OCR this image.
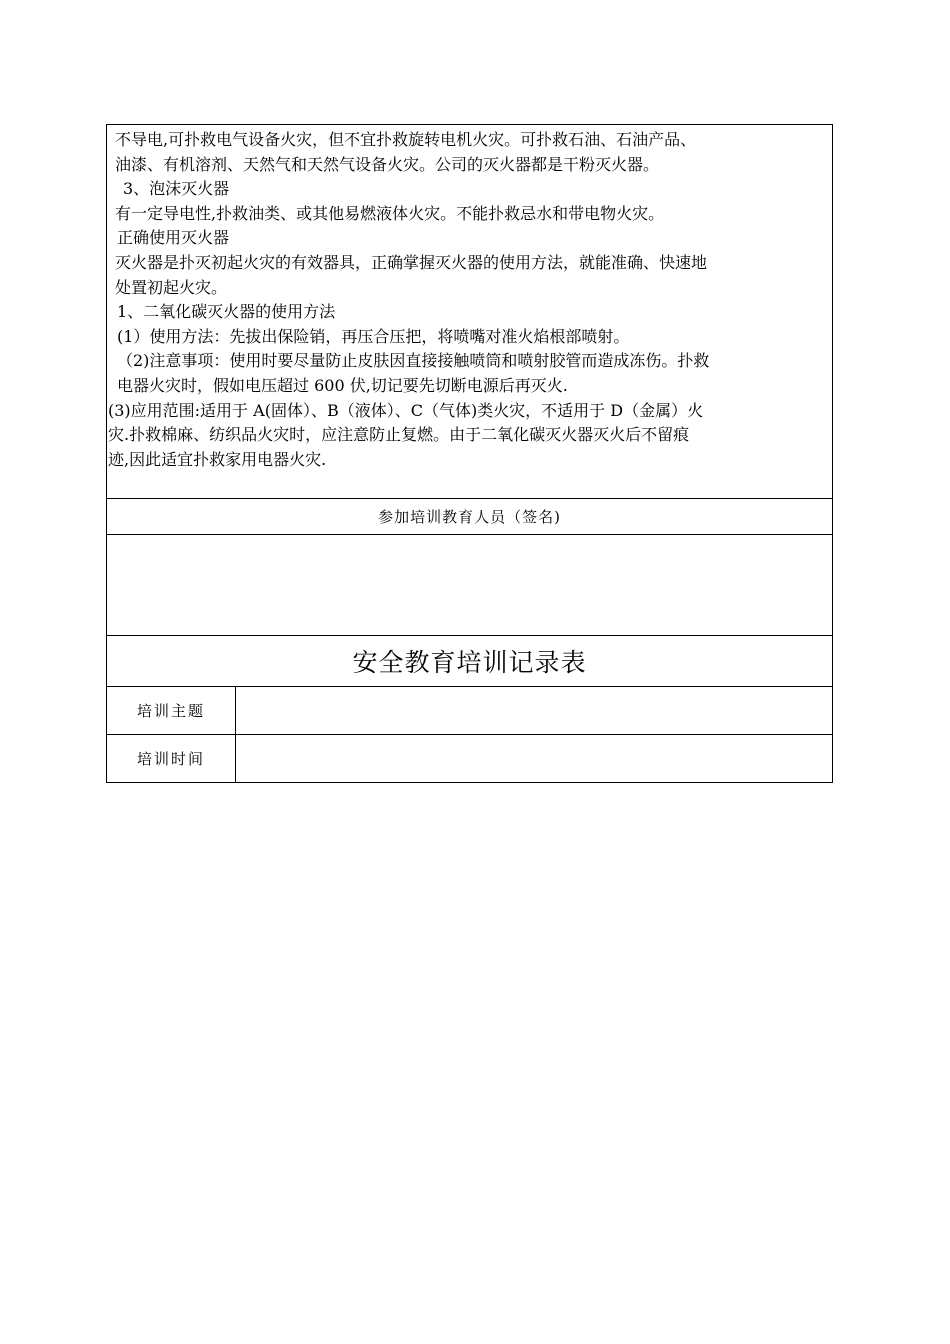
不导电,可扑救电气设备火灾，但不宜扑救旋转电机火灾。可扑救石油、石油产品、

油漆、有机溶剂、天然气和天然气设备火灾。公司的灭火器都是干粉灭火器。

3、泡沫灭火器

有一定导电性,扑救油类、或其他易燃液体火灾。不能扑救忌水和带电物火灾。

正确使用灭火器

灭火器是扑灭初起火灾的有效器具，正确掌握灭火器的使用方法，就能准确、快速地

处置初起火灾。

1、二氧化碳灭火器的使用方法

(1）使用方法：先拔出保险销，再压合压把，将喷嘴对准火焰根部喷射。

（2)注意事项：使用时要尽量防止皮肤因直接接触喷筒和喷射胶管而造成冻伤。扑救

电器火灾时，假如电压超过 600 伏,切记要先切断电源后再灭火.

(3)应用范围:适用于 A(固体）、B（液体）、C（气体)类火灾，不适用于 D（金属）火

灾.扑救棉麻、纺织品火灾时，应注意防止复燃。由于二氧化碳灭火器灭火后不留痕

迹,因此适宜扑救家用电器火灾.

参加培训教育人员（签名)
安全教育培训记录表
培训主题
培训时间
